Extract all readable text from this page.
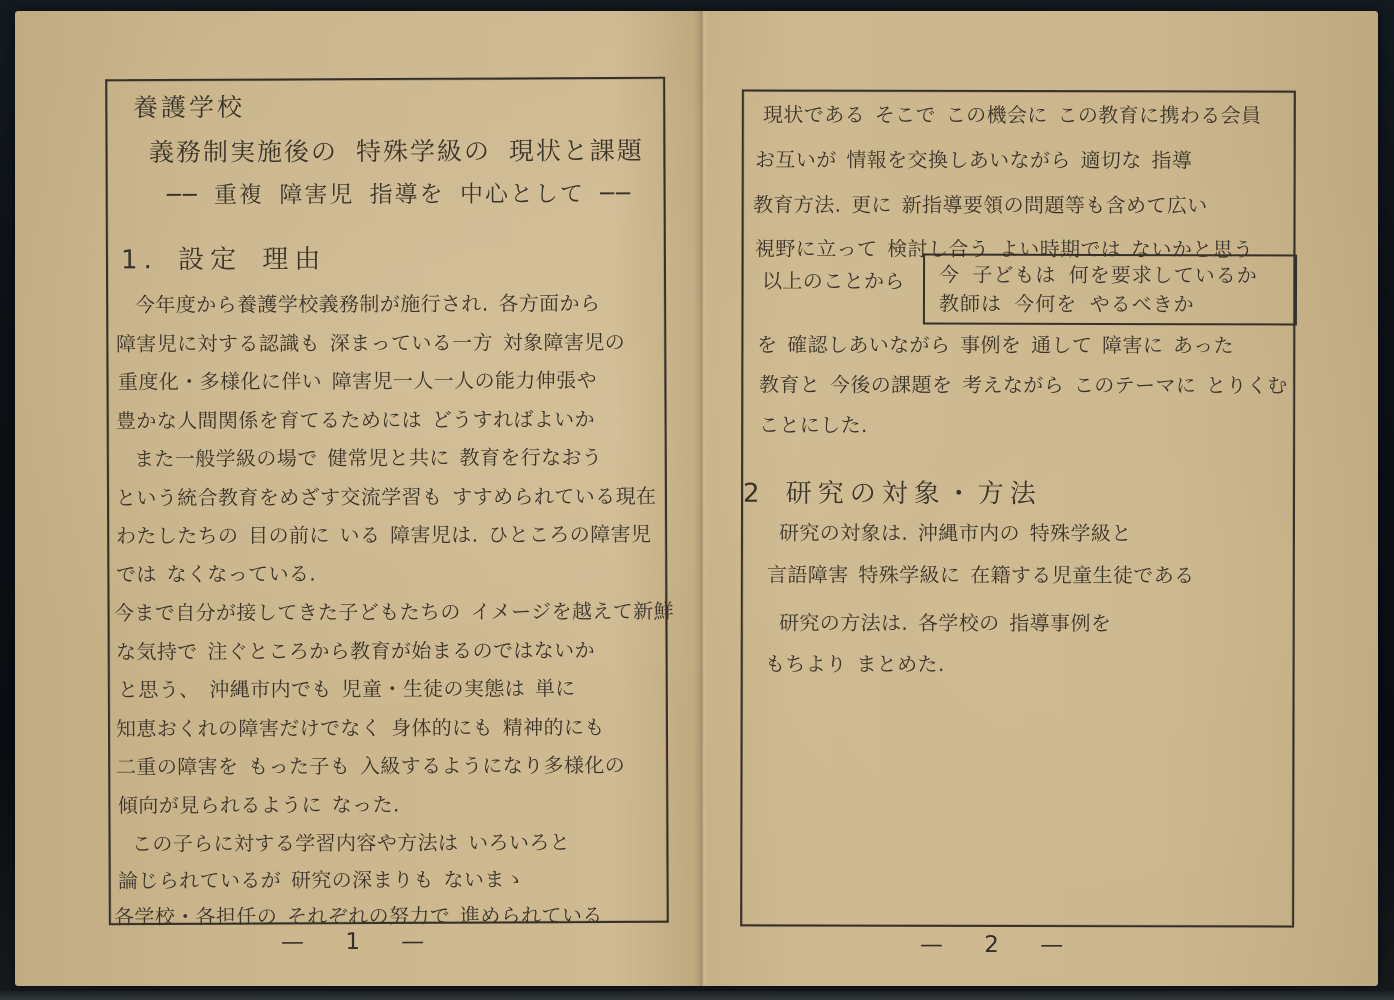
養護学校
義務制実施後の 特殊学級の 現状と課題
── 重複 障害児 指導を 中心として ──
1. 設定 理由
今年度から養護学校義務制が施行され. 各方面から
障害児に対する認識も 深まっている一方 対象障害児の
重度化・多様化に伴い 障害児一人一人の能力伸張や
豊かな人間関係を育てるためには どうすればよいか
また一般学級の場で 健常児と共に 教育を行なおう
という統合教育をめざす交流学習も すすめられている現在
わたしたちの 目の前に いる 障害児は. ひところの障害児
では なくなっている.
今まで自分が接してきた子どもたちの イメージを越えて新鮮
な気持で 注ぐところから教育が始まるのではないか
と思う、 沖縄市内でも 児童・生徒の実態は 単に
知恵おくれの障害だけでなく 身体的にも 精神的にも
二重の障害を もった子も 入級するようになり多様化の
傾向が見られるように なった.
この子らに対する学習内容や方法は いろいろと
論じられているが 研究の深まりも ないまゝ
各学校・各担任の それぞれの努力で 進められている
— 1 —
現状である そこで この機会に この教育に携わる会員
お互いが 情報を交換しあいながら 適切な 指導
教育方法. 更に 新指導要領の問題等も含めて広い
視野に立って 検討し合う よい時期では ないかと思う
以上のことから 今 子どもは 何を要求しているか
教師は 今何を やるべきか
を 確認しあいながら 事例を 通して 障害に あった
教育と 今後の課題を 考えながら このテーマに とりくむ
ことにした.
2 研究の対象・方法
研究の対象は. 沖縄市内の 特殊学級と
言語障害 特殊学級に 在籍する児童生徒である
研究の方法は. 各学校の 指導事例を
もちより まとめた.
— 2 —
